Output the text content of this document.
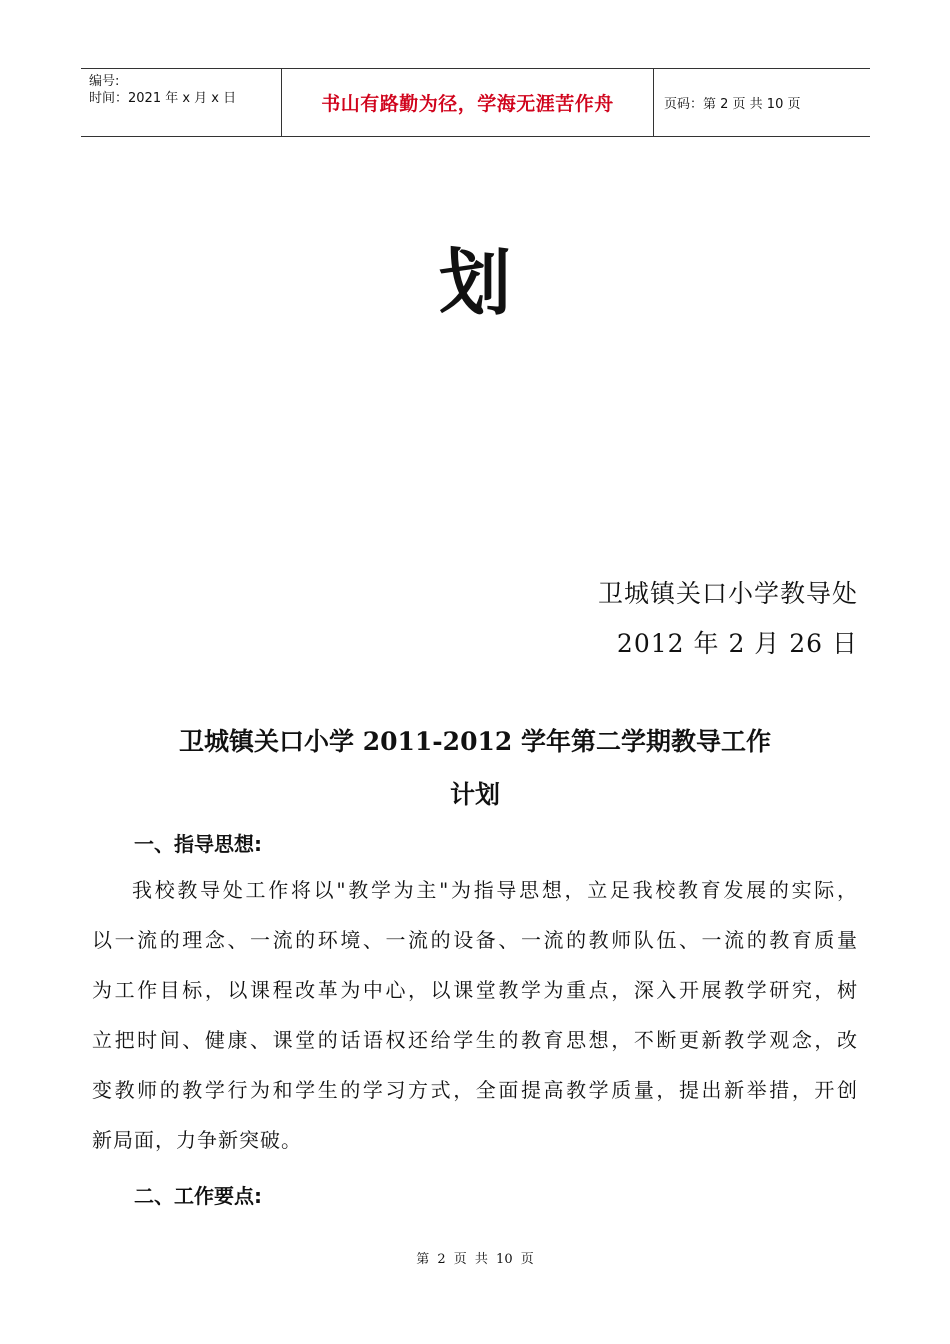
编号:
时间：2021 年 x 月 x 日	书山有路勤为径，学海无涯苦作舟	页码：第 2 页 共 10 页
划
卫城镇关口小学教导处
2012 年 2 月 26 日
卫城镇关口小学 2011-2012 学年第二学期教导工作
计划
一、指导思想:
我校教导处工作将以"教学为主"为指导思想，立足我校教育发展的实际，
以一流的理念、一流的环境、一流的设备、一流的教师队伍、一流的教育质量
为工作目标，以课程改革为中心，以课堂教学为重点，深入开展教学研究，树
立把时间、健康、课堂的话语权还给学生的教育思想，不断更新教学观念，改
变教师的教学行为和学生的学习方式，全面提高教学质量，提出新举措，开创
新局面，力争新突破。
二、工作要点:
第 2 页 共 10 页
